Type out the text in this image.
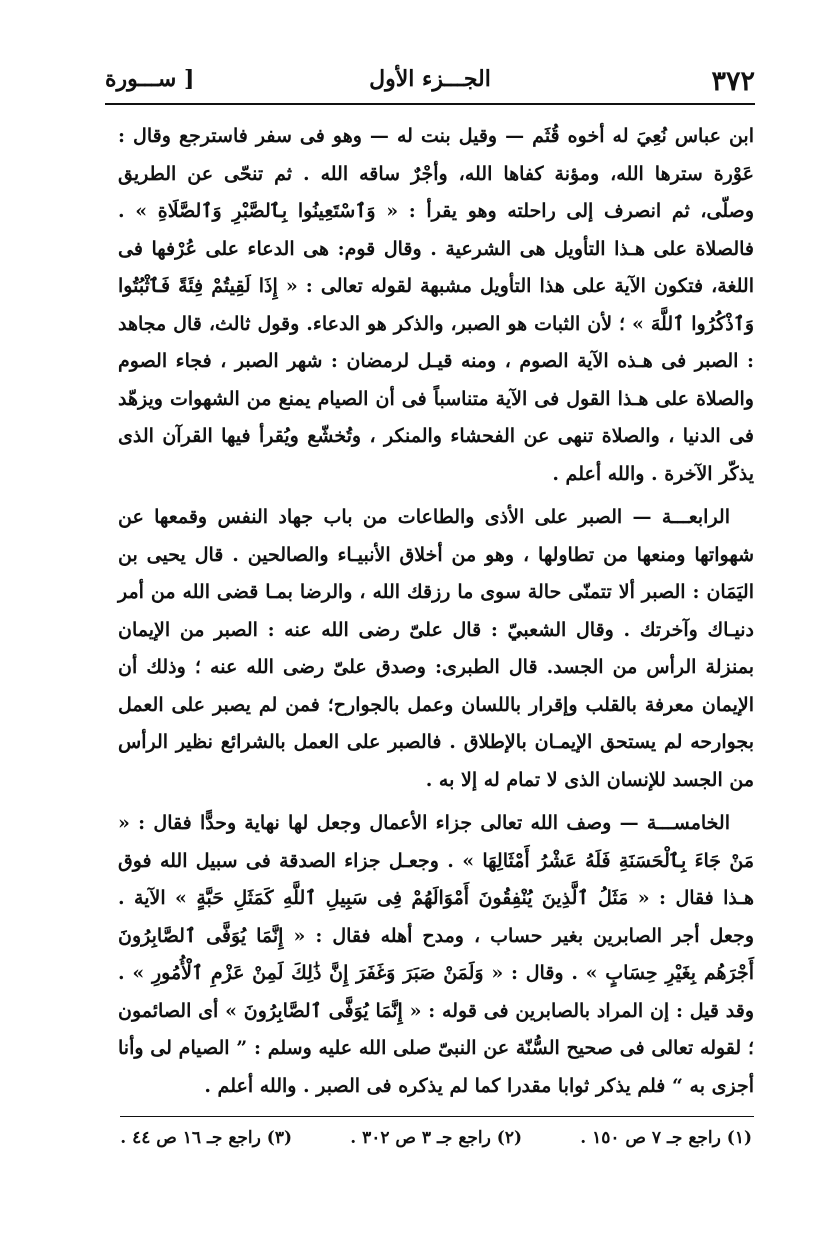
٣٧٢
الجـــزء الأول
[ ســـورة

ابن عباس نُعِيَ له أخوه قُثَم — وقيل بنت له — وهو فى سفر فاسترجع وقال : عَوْرة سترها الله، ومؤنة كفاها الله، وأجْرٌ ساقه الله . ثم تنحّى عن الطريق وصلّى، ثم انصرف إلى راحلته وهو يقرأ : « وَٱسْتَعِينُوا بِٱلصَّبْرِ وَٱلصَّلَاةِ » . فالصلاة على هـذا التأويل هى الشرعية . وقال قوم: هى الدعاء على عُرْفها فى اللغة، فتكون الآية على هذا التأويل مشبهة لقوله تعالى : « إِذَا لَقِيتُمْ فِئَةً فَٱثْبُتُوا وَٱذْكُرُوا ٱللَّهَ » ؛ لأن الثبات هو الصبر، والذكر هو الدعاء. وقول ثالث، قال مجاهد : الصبر فى هـذه الآية الصوم ، ومنه قيـل لرمضان : شهر الصبر ، فجاء الصوم والصلاة على هـذا القول فى الآية متناسباً فى أن الصيام يمنع من الشهوات ويزهّد فى الدنيا ، والصلاة تنهى عن الفحشاء والمنكر ، وتُخشّع ويُقرأ فيها القرآن الذى يذكّر الآخرة . والله أعلم .

الرابعـــة — الصبر على الأذى والطاعات من باب جهاد النفس وقمعها عن شهواتها ومنعها من تطاولها ، وهو من أخلاق الأنبيـاء والصالحين . قال يحيى بن اليَمَان : الصبر ألا تتمنّى حالة سوى ما رزقك الله ، والرضا بمـا قضى الله من أمر دنيـاك وآخرتك . وقال الشعبيّ : قال علىّ رضى الله عنه : الصبر من الإيمان بمنزلة الرأس من الجسد. قال الطبرى: وصدق علىّ رضى الله عنه ؛ وذلك أن الإيمان معرفة بالقلب وإقرار باللسان وعمل بالجوارح؛ فمن لم يصبر على العمل بجوارحه لم يستحق الإيمـان بالإطلاق . فالصبر على العمل بالشرائع نظير الرأس من الجسد للإنسان الذى لا تمام له إلا به .

الخامســـة — وصف الله تعالى جزاء الأعمال وجعل لها نهاية وحدًّا فقال : « مَنْ جَاءَ بِٱلْحَسَنَةِ فَلَهُ عَشْرُ أَمْثَالِهَا » . وجعـل جزاء الصدقة فى سبيل الله فوق هـذا فقال : « مَثَلُ ٱلَّذِينَ يُنْفِقُونَ أَمْوَالَهُمْ فِى سَبِيلِ ٱللَّهِ كَمَثَلِ حَبَّةٍ » الآية . وجعل أجر الصابرين بغير حساب ، ومدح أهله فقال : « إِنَّمَا يُوَفَّى ٱلصَّابِرُونَ أَجْرَهُم بِغَيْرِ حِسَابٍ » . وقال : « وَلَمَنْ صَبَرَ وَغَفَرَ إِنَّ ذَٰلِكَ لَمِنْ عَزْمِ ٱلْأُمُورِ » . وقد قيل : إن المراد بالصابرين فى قوله : « إِنَّمَا يُوَفَّى ٱلصَّابِرُونَ » أى الصائمون ؛ لقوله تعالى فى صحيح السُّنّة عن النبىّ صلى الله عليه وسلم : ” الصيام لى وأنا أجزى به “ فلم يذكر ثوابا مقدرا كما لم يذكره فى الصبر . والله أعلم .

(١) راجع جـ ٧ ص ١٥٠ .
(٢) راجع جـ ٣ ص ٣٠٢ .
(٣) راجع جـ ١٦ ص ٤٤ .
